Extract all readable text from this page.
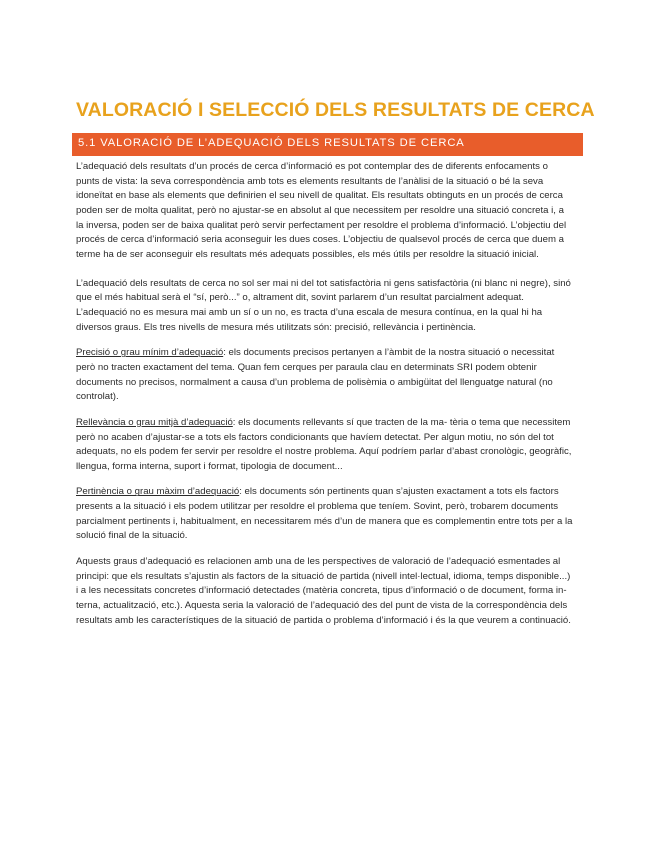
VALORACIÓ I SELECCIÓ DELS RESULTATS DE CERCA
5.1 VALORACIÓ DE L’ADEQUACIÓ DELS RESULTATS DE CERCA

L’adequació dels resultats d’un procés de cerca d’informació es pot contemplar des de diferents enfocaments o punts de vista: la seva correspondència amb tots es elements resultants de l’anàlisi de la situació o bé la seva idoneïtat en base als elements que definirien el seu nivell de qualitat. Els resultats obtinguts en un procés de cerca poden ser de molta qualitat, però no ajustar-se en absolut al que necessitem per resoldre una situació concreta i, a la inversa, poden ser de baixa qualitat però servir perfectament per resoldre el problema d’informació. L’objectiu del procés de cerca d’informació seria aconseguir les dues coses. L’objectiu de qualsevol procés de cerca que duem a terme ha de ser aconseguir els resultats més adequats possibles, els més útils per resoldre la situació inicial.

L’adequació dels resultats de cerca no sol ser mai ni del tot satisfactòria ni gens satisfactòria (ni blanc ni negre), sinó que el més habitual serà el “sí, però...” o, altrament dit, sovint parlarem d’un resultat parcialment adequat. L’adequació no es mesura mai amb un sí o un no, es tracta d’una escala de mesura contínua, en la qual hi ha diversos graus. Els tres nivells de mesura més utilitzats són: precisió, rellevància i pertinència.

Precisió o grau mínim d’adequació: els documents precisos pertanyen a l’àmbit de la nostra situació o necessitat però no tracten exactament del tema. Quan fem cerques per paraula clau en determinats SRI podem obtenir documents no precisos, normalment a causa d’un problema de polisèmia o ambigüitat del llenguatge natural (no controlat).

Rellevància o grau mitjà d’adequació: els documents rellevants sí que tracten de la ma- tèria o tema que necessitem però no acaben d’ajustar-se a tots els factors condicionants que havíem detectat. Per algun motiu, no són del tot adequats, no els podem fer servir per resoldre el nostre problema. Aquí podríem parlar d’abast cronològic, geogràfic, llengua, forma interna, suport i format, tipologia de document...

Pertinència o grau màxim d’adequació: els documents són pertinents quan s’ajusten exactament a tots els factors presents a la situació i els podem utilitzar per resoldre el problema que teníem. Sovint, però, trobarem documents parcialment pertinents i, habitualment, en necessitarem més d’un de manera que es complementin entre tots per a la solució final de la situació.

Aquests graus d’adequació es relacionen amb una de les perspectives de valoració de l’adequació esmentades al principi: que els resultats s’ajustin als factors de la situació de partida (nivell intel·lectual, idioma, temps disponible...) i a les necessitats concretes d’informació detectades (matèria concreta, tipus d’informació o de document, forma in- terna, actualització, etc.). Aquesta seria la valoració de l’adequació des del punt de vista de la correspondència dels resultats amb les característiques de la situació de partida o problema d’informació i és la que veurem a continuació.
